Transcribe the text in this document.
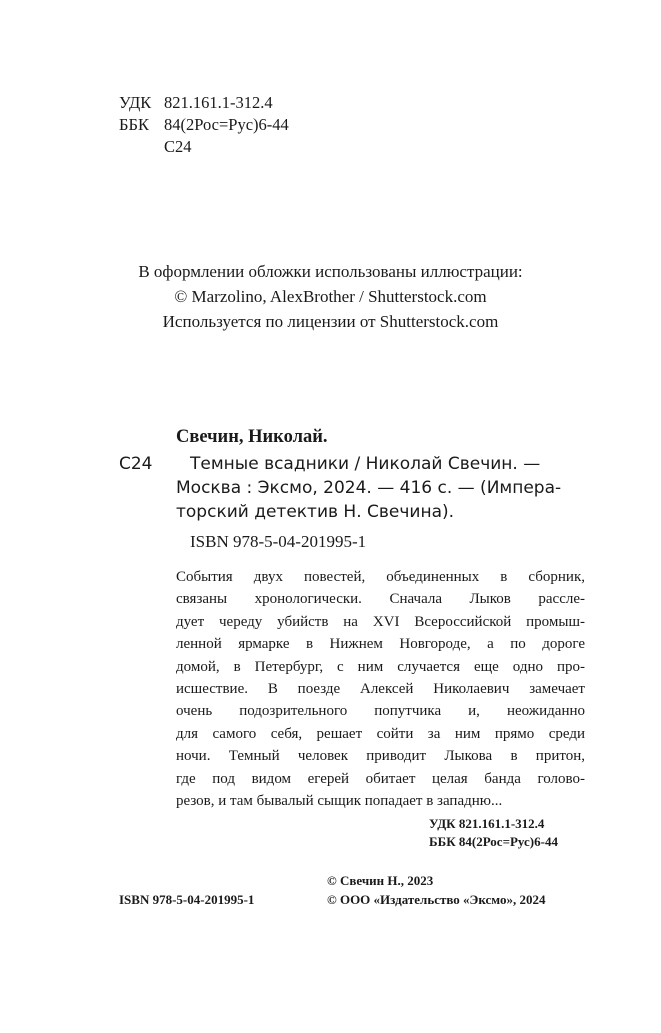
УДК 821.161.1-312.4
ББК 84(2Рос=Рус)6-44
С24
В оформлении обложки использованы иллюстрации:
© Marzolino, AlexBrother / Shutterstock.com
Используется по лицензии от Shutterstock.com
Свечин, Николай.
С24 Темные всадники / Николай Свечин. —
Москва : Эксмо, 2024. — 416 с. — (Импера-
торский детектив Н. Свечина).
ISBN 978-5-04-201995-1
События двух повестей, объединенных в сборник,
связаны хронологически. Сначала Лыков рассле-
дует череду убийств на XVI Всероссийской промыш-
ленной ярмарке в Нижнем Новгороде, а по дороге
домой, в Петербург, с ним случается еще одно про-
исшествие. В поезде Алексей Николаевич замечает
очень подозрительного попутчика и, неожиданно
для самого себя, решает сойти за ним прямо среди
ночи. Темный человек приводит Лыкова в притон,
где под видом егерей обитает целая банда голово-
резов, и там бывалый сыщик попадает в западню...
УДК 821.161.1-312.4
ББК 84(2Рос=Рус)6-44
© Свечин Н., 2023
ISBN 978-5-04-201995-1	© ООО «Издательство «Эксмо», 2024
